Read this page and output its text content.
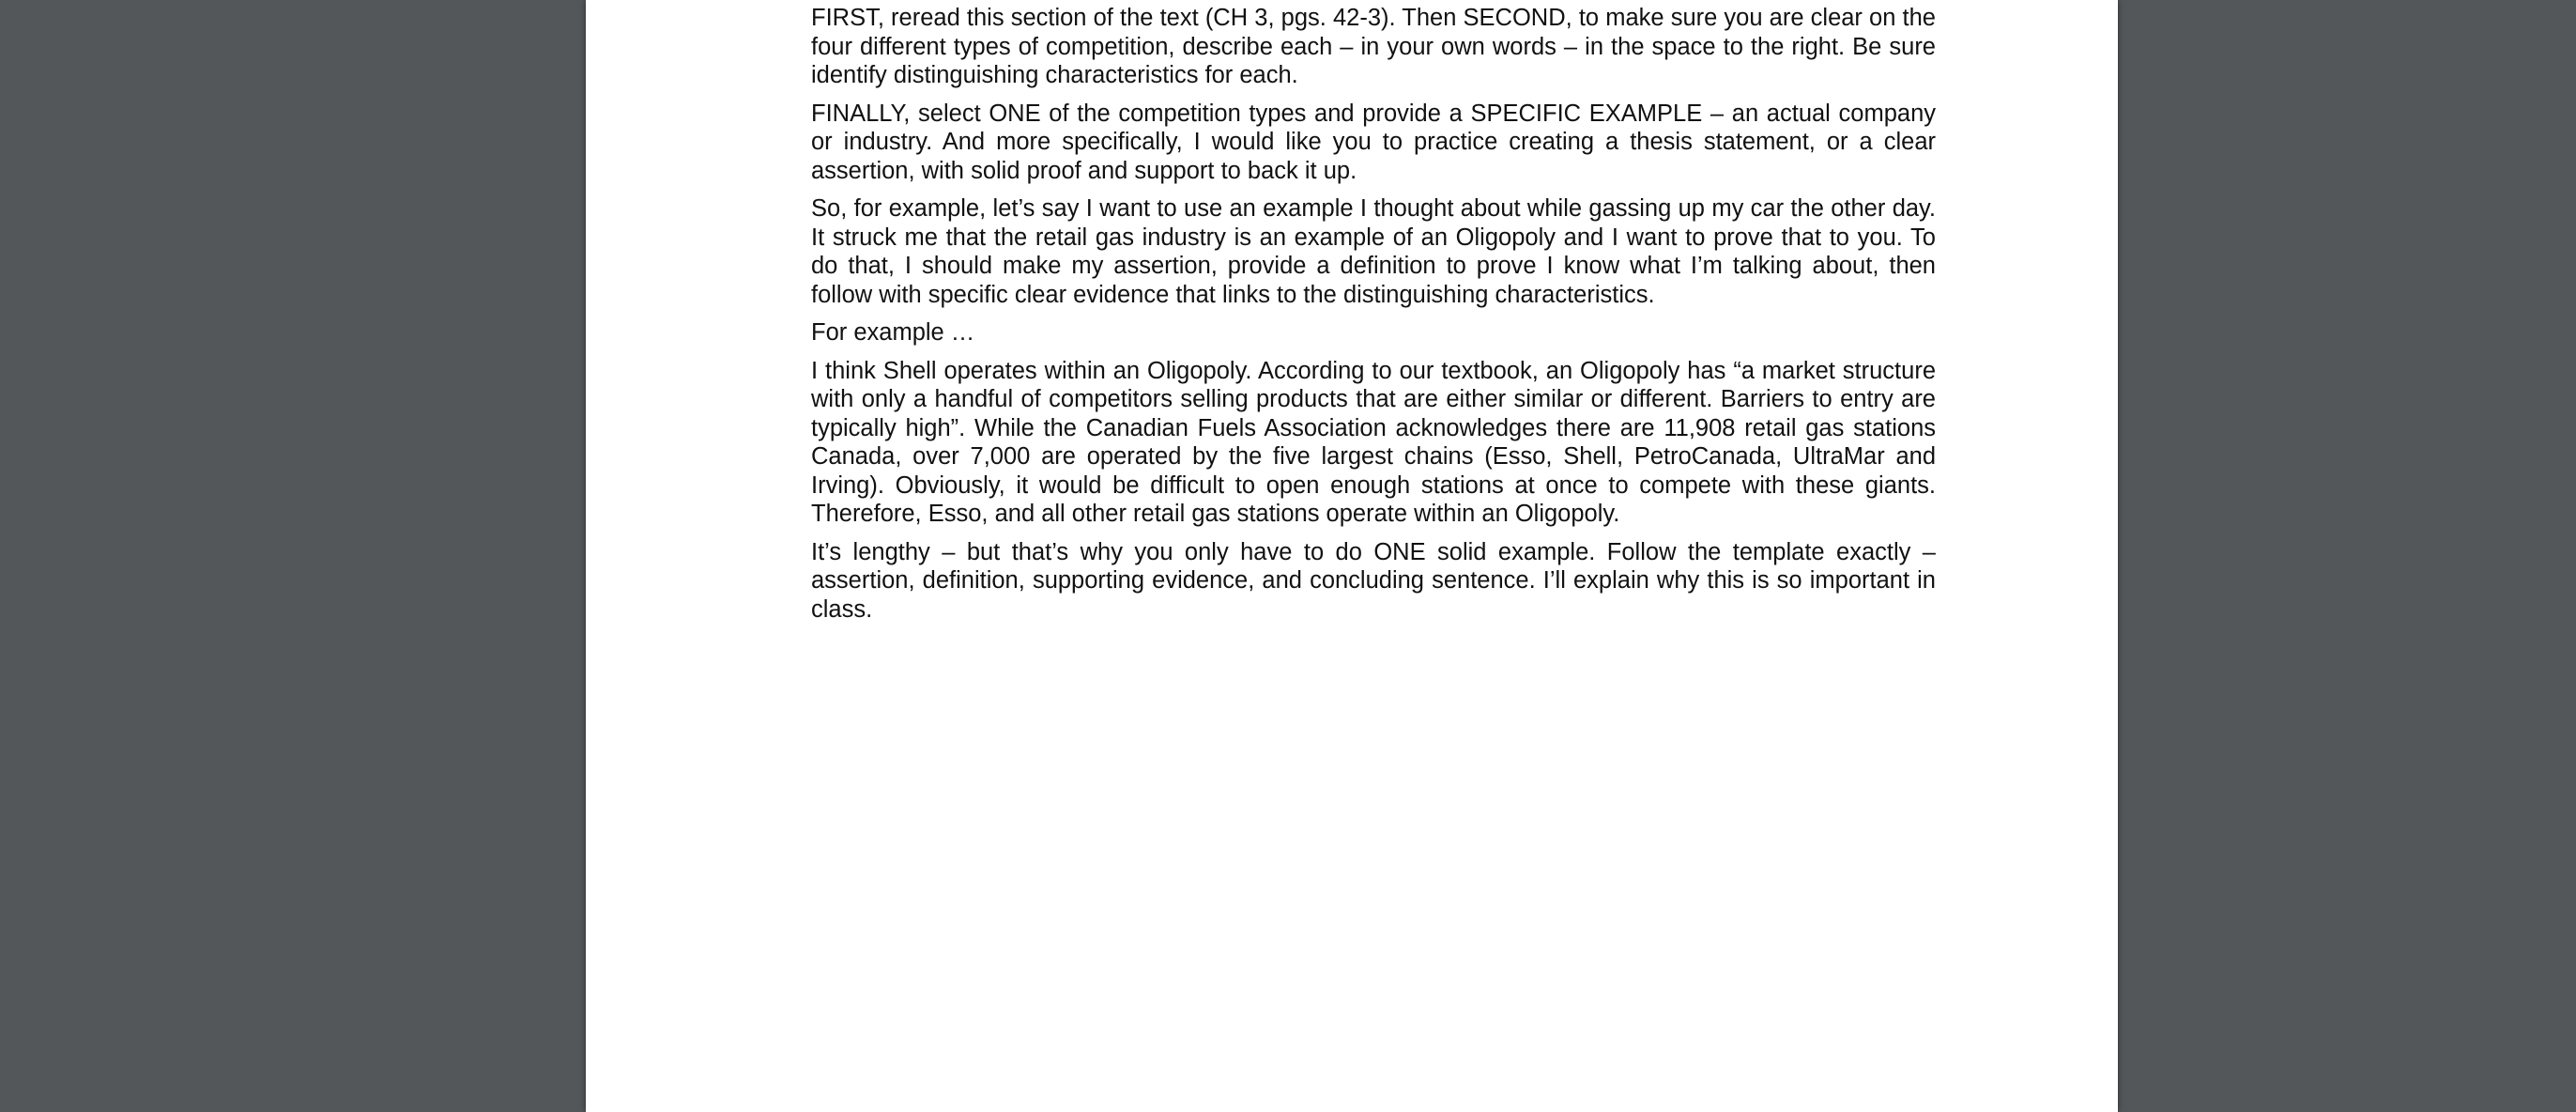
FIRST, reread this section of the text (CH 3, pgs. 42-3). Then SECOND, to make sure you are clear on the four different types of competition, describe each – in your own words – in the space to the right. Be sure identify distinguishing characteristics for each.

FINALLY, select ONE of the competition types and provide a SPECIFIC EXAMPLE – an actual company or industry. And more specifically, I would like you to practice creating a thesis statement, or a clear assertion, with solid proof and support to back it up.

So, for example, let’s say I want to use an example I thought about while gassing up my car the other day. It struck me that the retail gas industry is an example of an Oligopoly and I want to prove that to you. To do that, I should make my assertion, provide a definition to prove I know what I’m talking about, then follow with specific clear evidence that links to the distinguishing characteristics.

For example …

I think Shell operates within an Oligopoly. According to our textbook, an Oligopoly has “a market structure with only a handful of competitors selling products that are either similar or different. Barriers to entry are typically high”. While the Canadian Fuels Association acknowledges there are 11,908 retail gas stations Canada, over 7,000 are operated by the five largest chains (Esso, Shell, PetroCanada, UltraMar and Irving). Obviously, it would be difficult to open enough stations at once to compete with these giants. Therefore, Esso, and all other retail gas stations operate within an Oligopoly.

It’s lengthy – but that’s why you only have to do ONE solid example. Follow the template exactly – assertion, definition, supporting evidence, and concluding sentence. I’ll explain why this is so important in class.
